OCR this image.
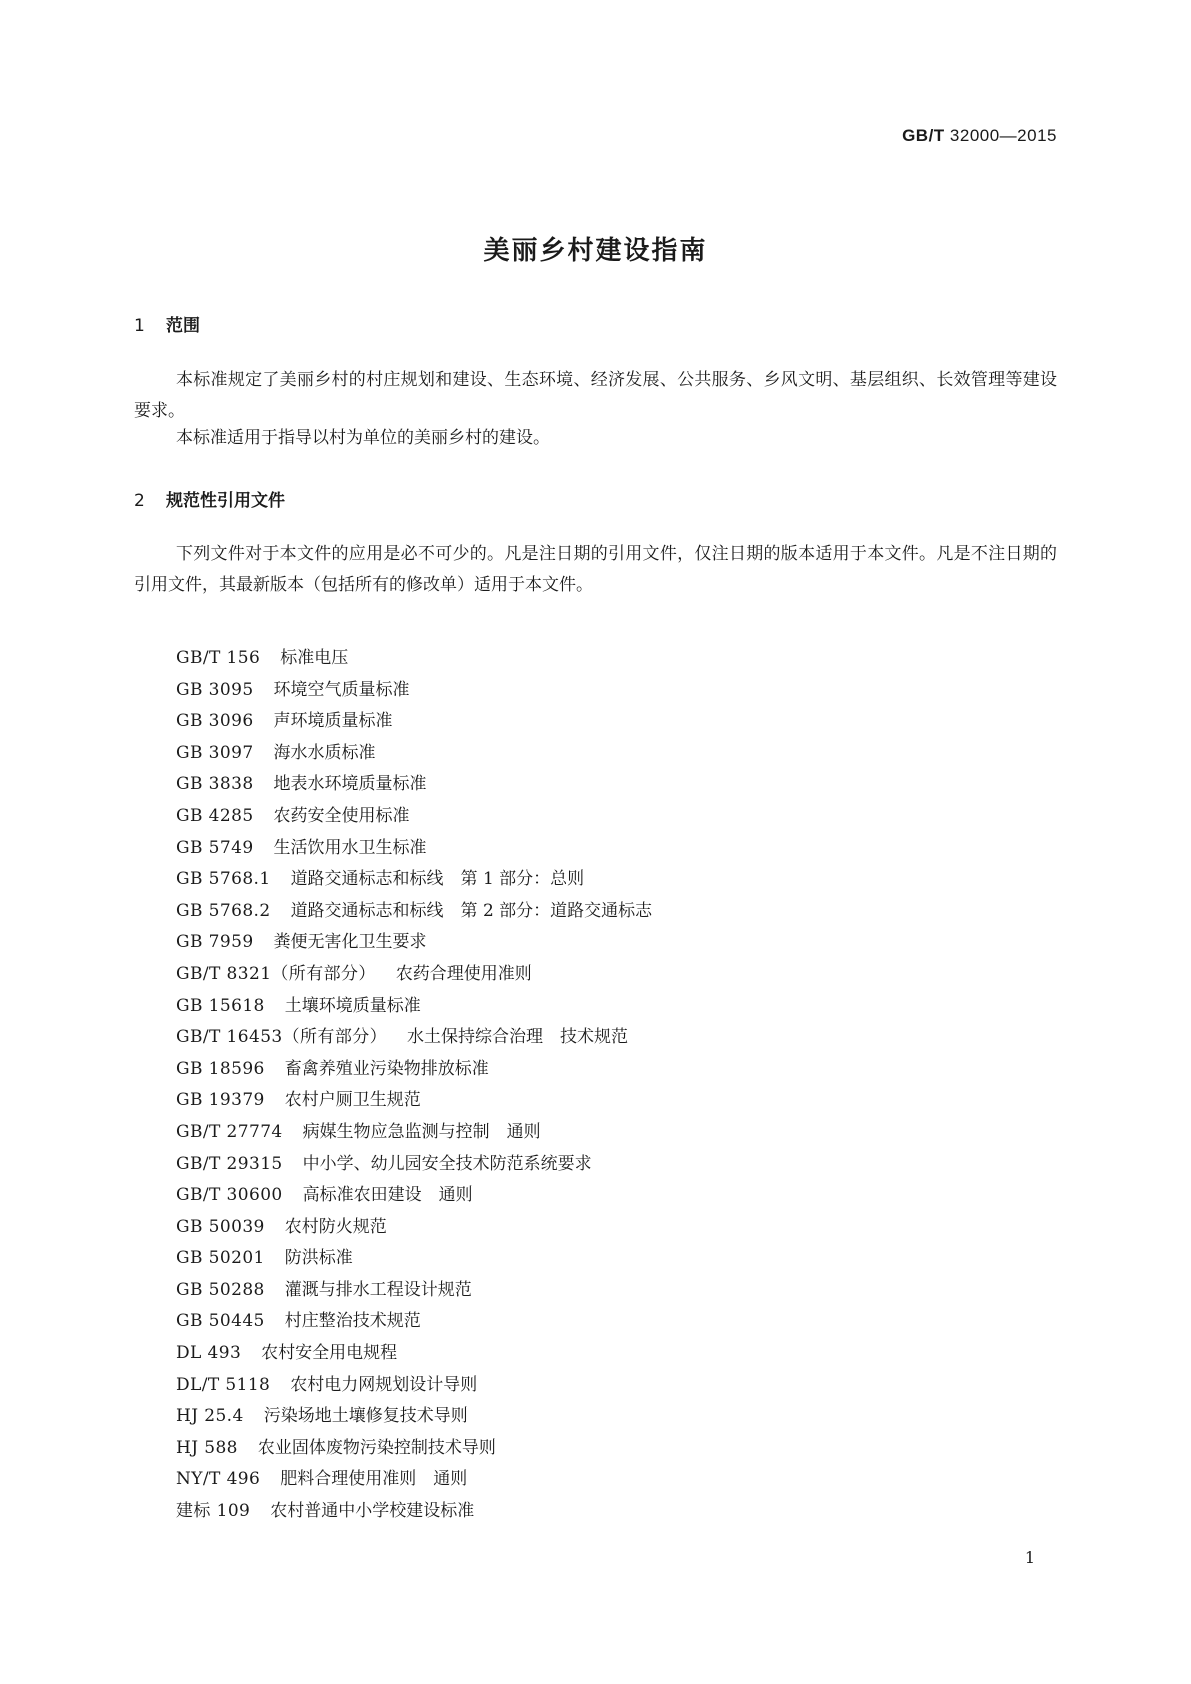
GB/T 32000—2015
美丽乡村建设指南
1 范围
本标准规定了美丽乡村的村庄规划和建设、生态环境、经济发展、公共服务、乡风文明、基层组织、长效管理等建设要求。
本标准适用于指导以村为单位的美丽乡村的建设。
2 规范性引用文件
下列文件对于本文件的应用是必不可少的。凡是注日期的引用文件，仅注日期的版本适用于本文件。凡是不注日期的引用文件，其最新版本（包括所有的修改单）适用于本文件。
GB/T 156 标准电压
GB 3095 环境空气质量标准
GB 3096 声环境质量标准
GB 3097 海水水质标准
GB 3838 地表水环境质量标准
GB 4285 农药安全使用标准
GB 5749 生活饮用水卫生标准
GB 5768.1 道路交通标志和标线　第 1 部分：总则
GB 5768.2 道路交通标志和标线　第 2 部分：道路交通标志
GB 7959 粪便无害化卫生要求
GB/T 8321（所有部分） 农药合理使用准则
GB 15618 土壤环境质量标准
GB/T 16453（所有部分） 水土保持综合治理　技术规范
GB 18596 畜禽养殖业污染物排放标准
GB 19379 农村户厕卫生规范
GB/T 27774 病媒生物应急监测与控制　通则
GB/T 29315 中小学、幼儿园安全技术防范系统要求
GB/T 30600 高标准农田建设　通则
GB 50039 农村防火规范
GB 50201 防洪标准
GB 50288 灌溉与排水工程设计规范
GB 50445 村庄整治技术规范
DL 493 农村安全用电规程
DL/T 5118 农村电力网规划设计导则
HJ 25.4 污染场地土壤修复技术导则
HJ 588 农业固体废物污染控制技术导则
NY/T 496 肥料合理使用准则　通则
建标 109 农村普通中小学校建设标准
1
